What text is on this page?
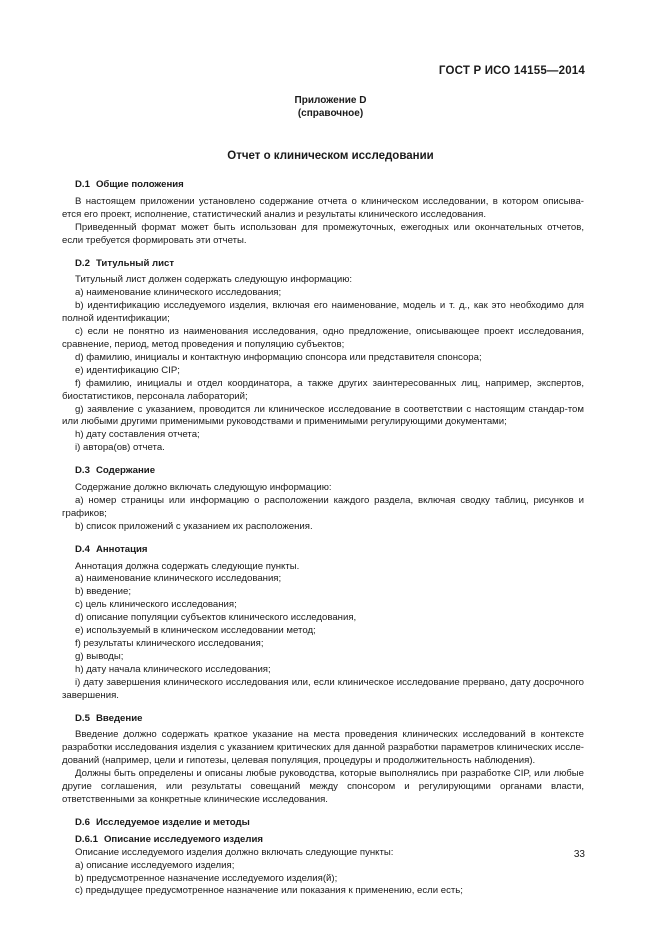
ГОСТ Р ИСО 14155—2014
Приложение D
(справочное)
Отчет о клиническом исследовании
D.1 Общие положения

В настоящем приложении установлено содержание отчета о клиническом исследовании, в котором описыва-ется его проект, исполнение, статистический анализ и результаты клинического исследования.

Приведенный формат может быть использован для промежуточных, ежегодных или окончательных отчетов, если требуется формировать эти отчеты.

D.2 Титульный лист

Титульный лист должен содержать следующую информацию:

a) наименование клинического исследования;

b) идентификацию исследуемого изделия, включая его наименование, модель и т. д., как это необходимо для полной идентификации;

c) если не понятно из наименования исследования, одно предложение, описывающее проект исследования, сравнение, период, метод проведения и популяцию субъектов;

d) фамилию, инициалы и контактную информацию спонсора или представителя спонсора;

e) идентификацию CIP;

f) фамилию, инициалы и отдел координатора, а также других заинтересованных лиц, например, экспертов, биостатистиков, персонала лабораторий;

g) заявление с указанием, проводится ли клиническое исследование в соответствии с настоящим стандар-том или любыми другими применимыми руководствами и применимыми регулирующими документами;

h) дату составления отчета;

i) автора(ов) отчета.

D.3 Содержание

Содержание должно включать следующую информацию:

a) номер страницы или информацию о расположении каждого раздела, включая сводку таблиц, рисунков и графиков;

b) список приложений с указанием их расположения.

D.4 Аннотация

Аннотация должна содержать следующие пункты.

a) наименование клинического исследования;

b) введение;

c) цель клинического исследования;

d) описание популяции субъектов клинического исследования,

e) используемый в клиническом исследовании метод;

f) результаты клинического исследования;

g) выводы;

h) дату начала клинического исследования;

i) дату завершения клинического исследования или, если клиническое исследование прервано, дату досрочного завершения.

D.5 Введение

Введение должно содержать краткое указание на места проведения клинических исследований в контексте разработки исследования изделия с указанием критических для данной разработки параметров клинических иссле-дований (например, цели и гипотезы, целевая популяция, процедуры и продолжительность наблюдения).

Должны быть определены и описаны любые руководства, которые выполнялись при разработке CIP, или любые другие соглашения, или результаты совещаний между спонсором и регулирующими органами власти, ответственными за конкретные клинические исследования.

D.6 Исследуемое изделие и методы
D.6.1 Описание исследуемого изделия

Описание исследуемого изделия должно включать следующие пункты:

a) описание исследуемого изделия;

b) предусмотренное назначение исследуемого изделия(й);

c) предыдущее предусмотренное назначение или показания к применению, если есть;

33
